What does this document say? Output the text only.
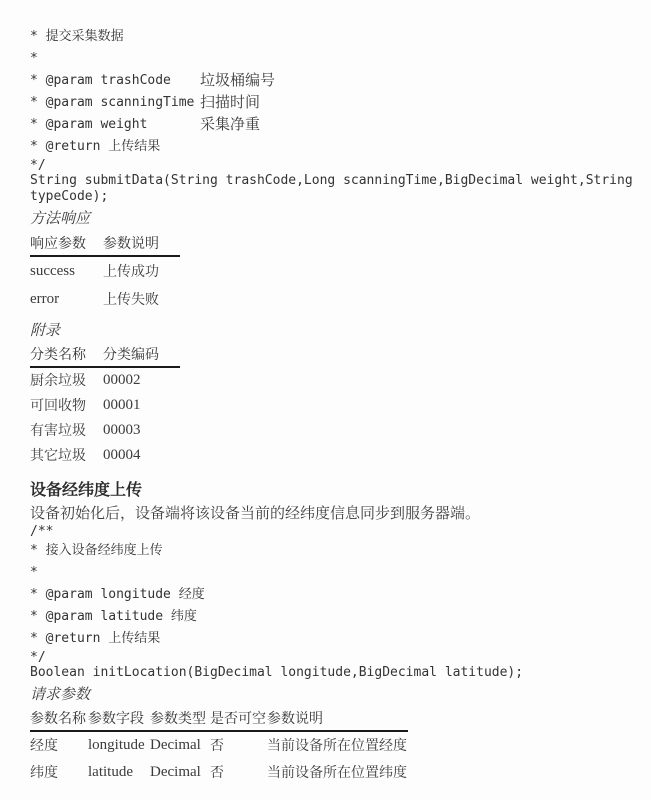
* 提交采集数据
*
* @param trashCode	垃圾桶编号
* @param scanningTime 扫描时间
* @param weight	采集净重
* @return 上传结果
*/
String submitData(String trashCode,Long scanningTime,BigDecimal weight,String
typeCode);
方法响应
响应参数	参数说明
success	上传成功
error	上传失败
附录
分类名称	分类编码
厨余垃圾	00002
可回收物	00001
有害垃圾	00003
其它垃圾	00004
设备经纬度上传
设备初始化后，设备端将该设备当前的经纬度信息同步到服务器端。
/**
* 接入设备经纬度上传
*
* @param longitude 经度
* @param latitude 纬度
* @return 上传结果
*/
Boolean initLocation(BigDecimal longitude,BigDecimal latitude);
请求参数
参数名称 参数字段 参数类型 是否可空 参数说明
经度	longitude Decimal 否	当前设备所在位置经度
纬度	latitude	Decimal 否	当前设备所在位置纬度
